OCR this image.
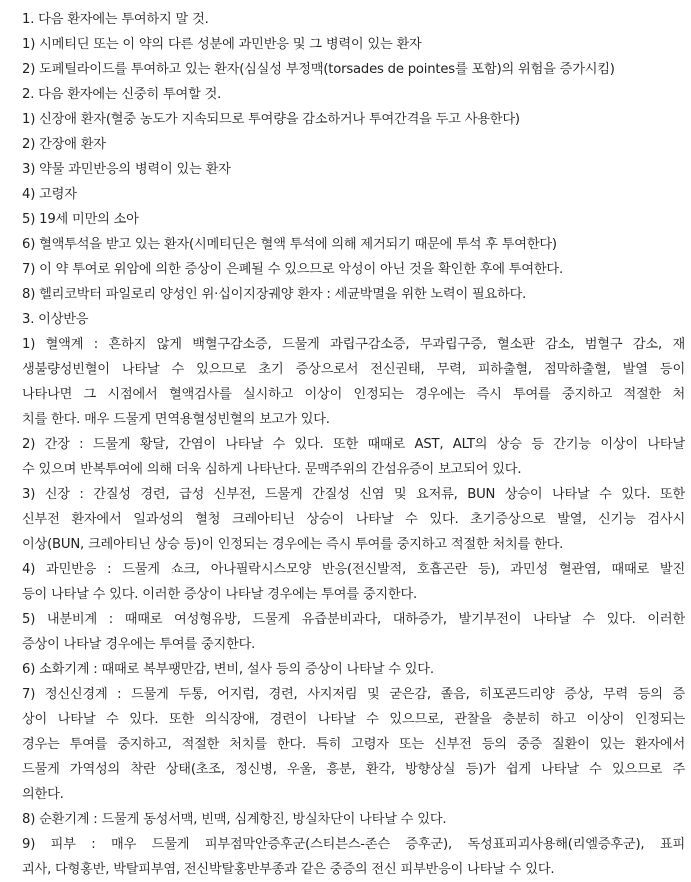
1. 다음 환자에는 투여하지 말 것.
1) 시메티딘 또는 이 약의 다른 성분에 과민반응 및 그 병력이 있는 환자
2) 도페틸라이드를 투여하고 있는 환자(심실성 부정맥(torsades de pointes를 포함)의 위험을 증가시킴)
2. 다음 환자에는 신중히 투여할 것.
1) 신장애 환자(혈중 농도가 지속되므로 투여량을 감소하거나 투여간격을 두고 사용한다)
2) 간장애 환자
3) 약물 과민반응의 병력이 있는 환자
4) 고령자
5) 19세 미만의 소아
6) 혈액투석을 받고 있는 환자(시메티딘은 혈액 투석에 의해 제거되기 때문에 투석 후 투여한다)
7) 이 약 투여로 위암에 의한 증상이 은폐될 수 있으므로 악성이 아닌 것을 확인한 후에 투여한다.
8) 헬리코박터 파일로리 양성인 위·십이지장궤양 환자 : 세균박멸을 위한 노력이 필요하다.
3. 이상반응
1) 혈액계 : 흔하지 않게 백혈구감소증, 드물게 과립구감소증, 무과립구증, 혈소판 감소, 범혈구 감소, 재
생불량성빈혈이 나타날 수 있으므로 초기 증상으로서 전신권태, 무력, 피하출혈, 점막하출혈, 발열 등이
나타나면 그 시점에서 혈액검사를 실시하고 이상이 인정되는 경우에는 즉시 투여를 중지하고 적절한 처
치를 한다. 매우 드물게 면역용혈성빈혈의 보고가 있다.
2) 간장 : 드물게 황달, 간염이 나타날 수 있다. 또한 때때로 AST, ALT의 상승 등 간기능 이상이 나타날
수 있으며 반복투여에 의해 더욱 심하게 나타난다. 문맥주위의 간섬유증이 보고되어 있다.
3) 신장 : 간질성 경련, 급성 신부전, 드물게 간질성 신염 및 요저류, BUN 상승이 나타날 수 있다. 또한
신부전 환자에서 일과성의 혈청 크레아티닌 상승이 나타날 수 있다. 초기증상으로 발열, 신기능 검사시
이상(BUN, 크레아티닌 상승 등)이 인정되는 경우에는 즉시 투여를 중지하고 적절한 처치를 한다.
4) 과민반응 : 드물게 쇼크, 아나필락시스모양 반응(전신발적, 호흡곤란 등), 과민성 혈관염, 때때로 발진
등이 나타날 수 있다. 이러한 증상이 나타날 경우에는 투여를 중지한다.
5) 내분비계 : 때때로 여성형유방, 드물게 유즙분비과다, 대하증가, 발기부전이 나타날 수 있다. 이러한
증상이 나타날 경우에는 투여를 중지한다.
6) 소화기계 : 때때로 복부팽만감, 변비, 설사 등의 증상이 나타날 수 있다.
7) 정신신경계 : 드물게 두통, 어지럼, 경련, 사지저림 및 굳은감, 졸음, 히포콘드리양 증상, 무력 등의 증
상이 나타날 수 있다. 또한 의식장애, 경련이 나타날 수 있으므로, 관찰을 충분히 하고 이상이 인정되는
경우는 투여를 중지하고, 적절한 처치를 한다. 특히 고령자 또는 신부전 등의 중증 질환이 있는 환자에서
드물게 가역성의 착란 상태(초조, 정신병, 우울, 흥분, 환각, 방향상실 등)가 쉽게 나타날 수 있으므로 주
의한다.
8) 순환기계 : 드물게 동성서맥, 빈맥, 심계항진, 방실차단이 나타날 수 있다.
9) 피부 : 매우 드물게 피부점막안증후군(스티븐스-존슨 증후군), 독성표피괴사용해(리엘증후군), 표피
괴사, 다형홍반, 박탈피부염, 전신박탈홍반부종과 같은 중증의 전신 피부반응이 나타날 수 있다.
